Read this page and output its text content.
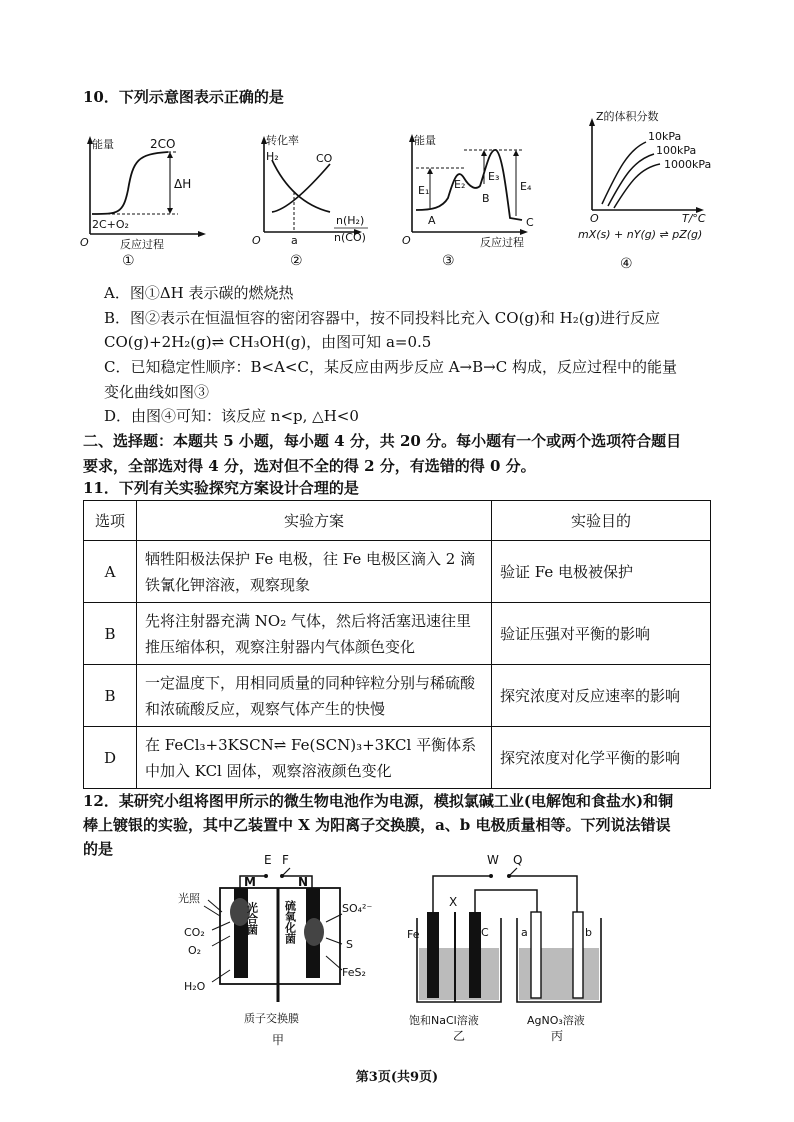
10．下列示意图表示正确的是
能量	2CO
ΔH
2C+O₂
O	反应过程
①
转化率
H₂	CO
O	a
n(H₂)
n(CO)
②
能量
E₁ E₂
E₃
E₄
A
B
C
O	反应过程
③
Z的体积分数
10kPa
100kPa
1000kPa
O	T/°C
mX(s) + nY(g) ⇌ pZ(g)
④
A．图①ΔH 表示碳的燃烧热
B．图②表示在恒温恒容的密闭容器中，按不同投料比充入 CO(g)和 H₂(g)进行反应
CO(g)+2H₂(g)⇌ CH₃OH(g)，由图可知 a=0.5
C．已知稳定性顺序：B<A<C，某反应由两步反应 A→B→C 构成，反应过程中的能量
变化曲线如图③
D．由图④可知：该反应 n<p, △H<0
二、选择题：本题共 5 小题，每小题 4 分，共 20 分。每小题有一个或两个选项符合题目
要求，全部选对得 4 分，选对但不全的得 2 分，有选错的得 0 分。
11．下列有关实验探究方案设计合理的是
选项	实验方案	实验目的
A	牺牲阳极法保护 Fe 电极，往 Fe 电极区滴入 2 滴铁氰化钾溶液，观察现象	验证 Fe 电极被保护
B	先将注射器充满 NO₂ 气体，然后将活塞迅速往里推压缩体积，观察注射器内气体颜色变化	验证压强对平衡的影响
B	一定温度下，用相同质量的同种锌粒分别与稀硫酸和浓硫酸反应，观察气体产生的快慢	探究浓度对反应速率的影响
D	在 FeCl₃+3KSCN⇌ Fe(SCN)₃+3KCl 平衡体系中加入 KCl 固体，观察溶液颜色变化	探究浓度对化学平衡的影响
12．某研究小组将图甲所示的微生物电池作为电源，模拟氯碱工业(电解饱和食盐水)和铜
棒上镀银的实验，其中乙装置中 X 为阳离子交换膜，a、b 电极质量相等。下列说法错误
的是
E F
光照
M	N
光合菌 硫氧化菌
CO₂
O₂
H₂O
SO₄²⁻
S
FeS₂
质子交换膜
甲
W Q
Fe
X
C	a	b
饱和NaCl溶液
乙
AgNO₃溶液
丙
第3页(共9页)
